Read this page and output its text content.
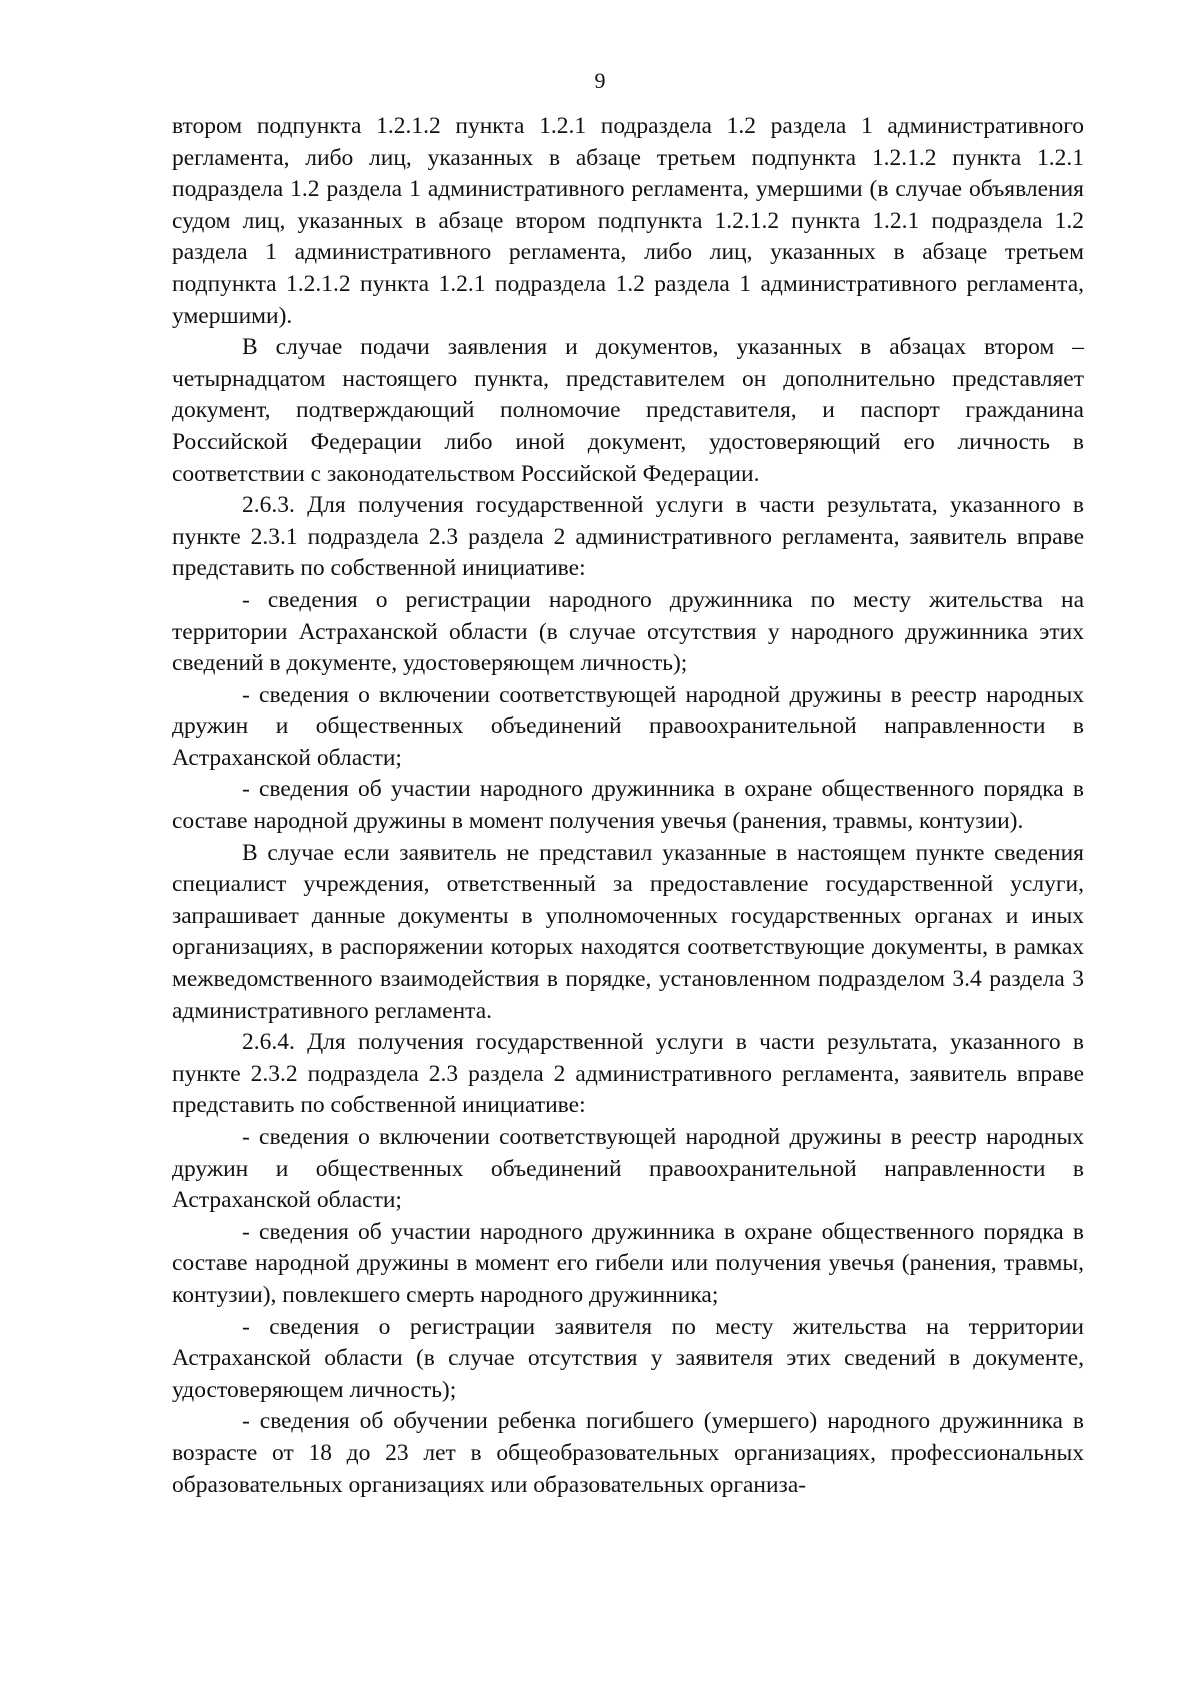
9

втором подпункта 1.2.1.2 пункта 1.2.1 подраздела 1.2 раздела 1 административного регламента, либо лиц, указанных в абзаце третьем подпункта 1.2.1.2 пункта 1.2.1 подраздела 1.2 раздела 1 административного регламента, умершими (в случае объявления судом лиц, указанных в абзаце втором подпункта 1.2.1.2 пункта 1.2.1 подраздела 1.2 раздела 1 административного регламента, либо лиц, указанных в абзаце третьем подпункта 1.2.1.2 пункта 1.2.1 подраздела 1.2 раздела 1 административного регламента, умершими).

В случае подачи заявления и документов, указанных в абзацах втором – четырнадцатом настоящего пункта, представителем он дополнительно представляет документ, подтверждающий полномочие представителя, и паспорт гражданина Российской Федерации либо иной документ, удостоверяющий его личность в соответствии с законодательством Российской Федерации.

2.6.3. Для получения государственной услуги в части результата, указанного в пункте 2.3.1 подраздела 2.3 раздела 2 административного регламента, заявитель вправе представить по собственной инициативе:

- сведения о регистрации народного дружинника по месту жительства на территории Астраханской области (в случае отсутствия у народного дружинника этих сведений в документе, удостоверяющем личность);

- сведения о включении соответствующей народной дружины в реестр народных дружин и общественных объединений правоохранительной направленности в Астраханской области;

- сведения об участии народного дружинника в охране общественного порядка в составе народной дружины в момент получения увечья (ранения, травмы, контузии).

В случае если заявитель не представил указанные в настоящем пункте сведения специалист учреждения, ответственный за предоставление государственной услуги, запрашивает данные документы в уполномоченных государственных органах и иных организациях, в распоряжении которых находятся соответствующие документы, в рамках межведомственного взаимодействия в порядке, установленном подразделом 3.4 раздела 3 административного регламента.

2.6.4. Для получения государственной услуги в части результата, указанного в пункте 2.3.2 подраздела 2.3 раздела 2 административного регламента, заявитель вправе представить по собственной инициативе:

- сведения о включении соответствующей народной дружины в реестр народных дружин и общественных объединений правоохранительной направленности в Астраханской области;

- сведения об участии народного дружинника в охране общественного порядка в составе народной дружины в момент его гибели или получения увечья (ранения, травмы, контузии), повлекшего смерть народного дружинника;

- сведения о регистрации заявителя по месту жительства на территории Астраханской области (в случае отсутствия у заявителя этих сведений в документе, удостоверяющем личность);

- сведения об обучении ребенка погибшего (умершего) народного дружинника в возрасте от 18 до 23 лет в общеобразовательных организациях, профессиональных образовательных организациях или образовательных организа-
